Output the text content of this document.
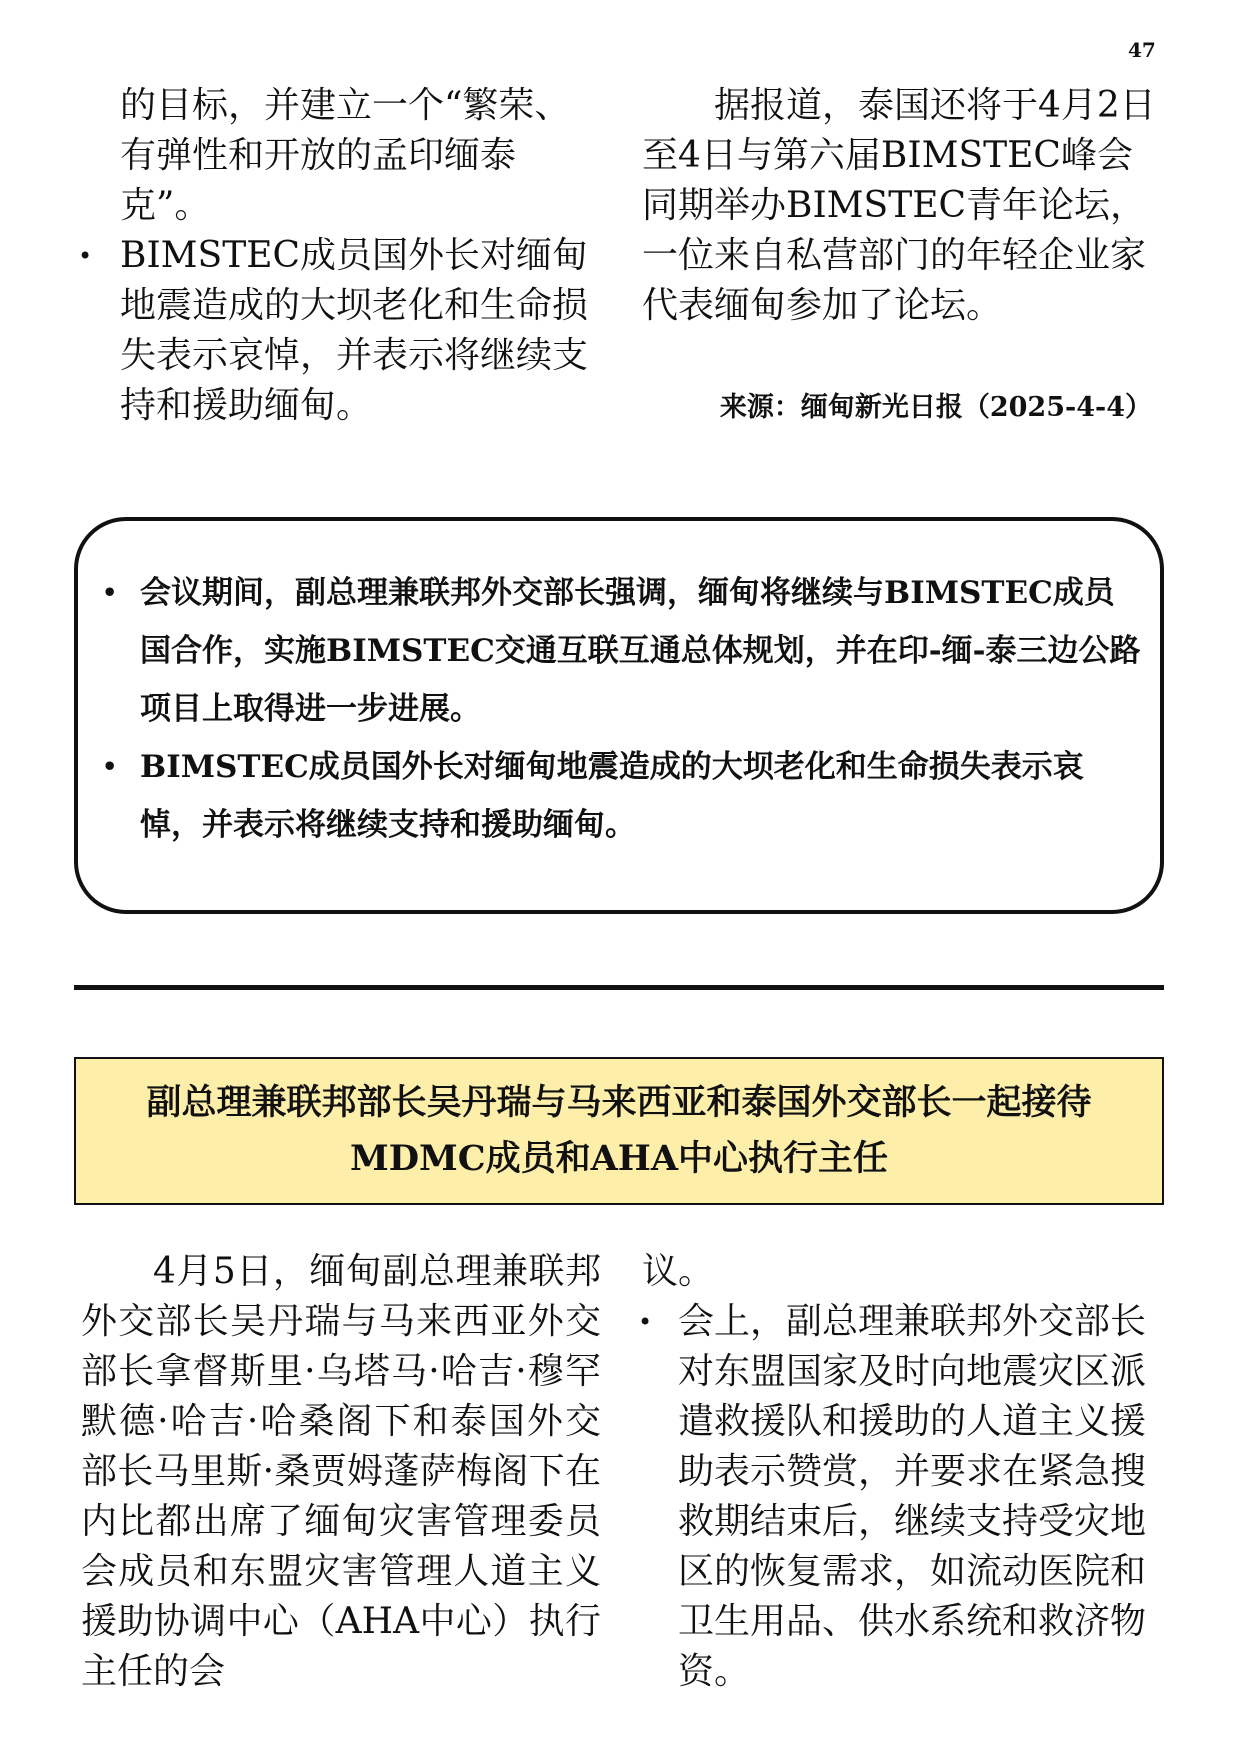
47

的目标，并建立一个“繁荣、有弹性和开放的孟印缅泰克”。

• BIMSTEC成员国外长对缅甸地震造成的大坝老化和生命损失表示哀悼，并表示将继续支持和援助缅甸。

据报道，泰国还将于4月2日至4日与第六届BIMSTEC峰会同期举办BIMSTEC青年论坛，一位来自私营部门的年轻企业家代表缅甸参加了论坛。

来源：缅甸新光日报（2025-4-4）
• 会议期间，副总理兼联邦外交部长强调，缅甸将继续与BIMSTEC成员国合作，实施BIMSTEC交通互联互通总体规划，并在印-缅-泰三边公路项目上取得进一步进展。
• BIMSTEC成员国外长对缅甸地震造成的大坝老化和生命损失表示哀悼，并表示将继续支持和援助缅甸。
副总理兼联邦部长吴丹瑞与马来西亚和泰国外交部长一起接待
MDMC成员和AHA中心执行主任

4月5日，缅甸副总理兼联邦外交部长吴丹瑞与马来西亚外交部长拿督斯里·乌塔马·哈吉·穆罕默德·哈吉·哈桑阁下和泰国外交部长马里斯·桑贾姆蓬萨梅阁下在内比都出席了缅甸灾害管理委员会成员和东盟灾害管理人道主义援助协调中心（AHA中心）执行主任的会

议。

• 会上，副总理兼联邦外交部长对东盟国家及时向地震灾区派遣救援队和援助的人道主义援助表示赞赏，并要求在紧急搜救期结束后，继续支持受灾地区的恢复需求，如流动医院和卫生用品、供水系统和救济物资。
